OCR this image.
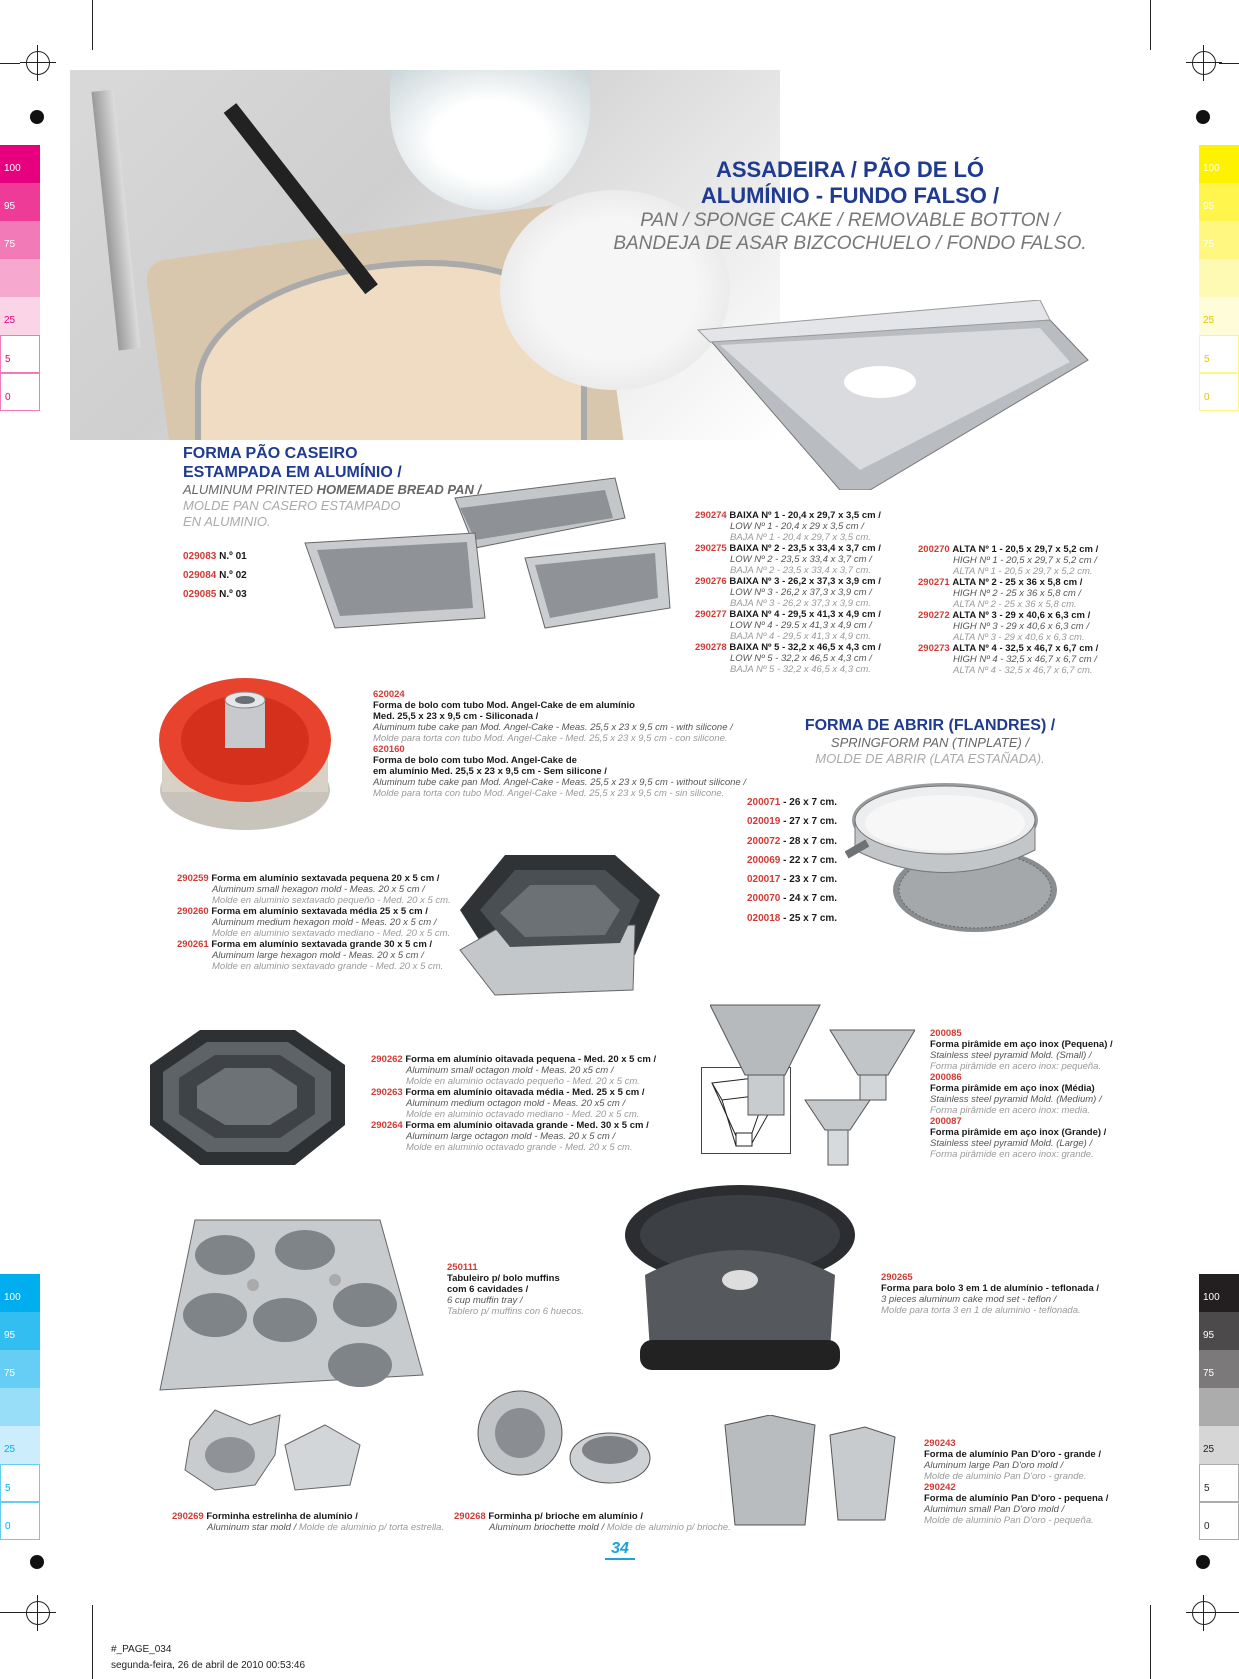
100
95
75
25
5
0
100
95
75
25
5
0
100
95
75
25
5
0
100
95
75
25
5
0
ASSADEIRA / PÃO DE LÓ
ALUMÍNIO - FUNDO FALSO /
PAN / SPONGE CAKE / REMOVABLE BOTTON /
BANDEJA DE ASAR BIZCOCHUELO / FONDO FALSO.
FORMA PÃO CASEIRO
ESTAMPADA EM ALUMÍNIO /
ALUMINUM PRINTED HOMEMADE BREAD PAN /
MOLDE PAN CASERO ESTAMPADO
EN ALUMINIO.
029083 N.º 01
029084 N.º 02
029085 N.º 03
290274 BAIXA Nº 1 - 20,4 x 29,7 x 3,5 cm /
LOW Nº 1 - 20,4 x 29 x 3,5 cm /
BAJA Nº 1 - 20,4 x 29,7 x 3,5 cm.
290275 BAIXA Nº 2 - 23,5 x 33,4 x 3,7 cm /
LOW Nº 2 - 23,5 x 33,4 x 3,7 cm /
BAJA Nº 2 - 23,5 x 33,4 x 3,7 cm.
290276 BAIXA Nº 3 - 26,2 x 37,3 x 3,9 cm /
LOW Nº 3 - 26,2 x 37,3 x 3,9 cm /
BAJA Nº 3 - 26,2 x 37,3 x 3,9 cm.
290277 BAIXA Nº 4 - 29,5 x 41,3 x 4,9 cm /
LOW Nº 4 - 29.5 x 41,3 x 4,9 cm /
BAJA Nº 4 - 29,5 x 41,3 x 4,9 cm.
290278 BAIXA Nº 5 - 32,2 x 46,5 x 4,3 cm /
LOW Nº 5 - 32,2 x 46,5 x 4,3 cm /
BAJA Nº 5 - 32,2 x 46,5 x 4,3 cm.
200270 ALTA Nº 1 - 20,5 x 29,7 x 5,2 cm /
HIGH Nº 1 - 20,5 x 29,7 x 5,2 cm /
ALTA Nº 1 - 20,5 x 29,7 x 5,2 cm.
290271 ALTA Nº 2 - 25 x 36 x 5,8 cm /
HIGH Nº 2 - 25 x 36 x 5,8 cm /
ALTA Nº 2 - 25 x 36 x 5,8 cm.
290272 ALTA Nº 3 - 29 x 40,6 x 6,3 cm /
HIGH Nº 3 - 29 x 40,6 x 6,3 cm /
ALTA Nº 3 - 29 x 40,6 x 6,3 cm.
290273 ALTA Nº 4 - 32,5 x 46,7 x 6,7 cm /
HIGH Nº 4 - 32,5 x 46,7 x 6,7 cm /
ALTA Nº 4 - 32,5 x 46,7 x 6,7 cm.
620024
Forma de bolo com tubo Mod. Angel-Cake de em alumínio
Med. 25,5 x 23 x 9,5 cm - Siliconada /
Aluminum tube cake pan Mod. Angel-Cake - Meas. 25,5 x 23 x 9,5 cm - with silicone /
Molde para torta con tubo Mod. Angel-Cake - Med. 25,5 x 23 x 9,5 cm - con silicone.
620160
Forma de bolo com tubo Mod. Angel-Cake de
em alumínio Med. 25,5 x 23 x 9,5 cm - Sem silicone /
Aluminum tube cake pan Mod. Angel-Cake - Meas. 25,5 x 23 x 9,5 cm - without silicone /
Molde para torta con tubo Mod. Angel-Cake - Med. 25,5 x 23 x 9,5 cm - sin silicone.
FORMA DE ABRIR (FLANDRES) /
SPRINGFORM PAN (TINPLATE) /
MOLDE DE ABRIR (LATA ESTAÑADA).
200071 - 26 x 7 cm.
020019 - 27 x 7 cm.
200072 - 28 x 7 cm.
200069 - 22 x 7 cm.
020017 - 23 x 7 cm.
200070 - 24 x 7 cm.
020018 - 25 x 7 cm.
290259 Forma em alumínio sextavada pequena 20 x 5 cm /
Aluminum small hexagon mold - Meas. 20 x 5 cm /
Molde en aluminio sextavado pequeño - Med. 20 x 5 cm.
290260 Forma em alumínio sextavada média 25 x 5 cm /
Aluminum medium hexagon mold - Meas. 20 x 5 cm /
Molde en aluminio sextavado mediano - Med. 20 x 5 cm.
290261 Forma em alumínio sextavada grande 30 x 5 cm /
Aluminum large hexagon mold - Meas. 20 x 5 cm /
Molde en aluminio sextavado grande - Med. 20 x 5 cm.
290262 Forma em alumínio oitavada pequena - Med. 20 x 5 cm /
Aluminum small octagon mold - Meas. 20 x5 cm /
Molde en aluminio octavado pequeño - Med. 20 x 5 cm.
290263 Forma em alumínio oitavada média - Med. 25 x 5 cm /
Aluminum medium octagon mold - Meas. 20 x5 cm /
Molde en aluminio octavado mediano - Med. 20 x 5 cm.
290264 Forma em alumínio oitavada grande - Med. 30 x 5 cm /
Aluminum large octagon mold - Meas. 20 x 5 cm /
Molde en aluminio octavado grande - Med. 20 x 5 cm.
200085
Forma pirâmide em aço inox (Pequena) /
Stainless steel pyramid Mold. (Small) /
Forma pirâmide en acero inox: pequeña.
200086
Forma pirâmide em aço inox (Média)
Stainless steel pyramid Mold. (Medium) /
Forma pirâmide en acero inox: media.
200087
Forma pirâmide em aço inox (Grande) /
Stainless steel pyramid Mold. (Large) /
Forma pirâmide en acero inox: grande.
250111
Tabuleiro p/ bolo muffins
com 6 cavidades /
6 cup muffin tray /
Tablero p/ muffins con 6 huecos.
290265
Forma para bolo 3 em 1 de alumínio - teflonada /
3 pieces aluminum cake mod set - teflon /
Molde para torta 3 en 1 de aluminio - teflonada.
290243
Forma de alumínio Pan D'oro - grande /
Aluminum large Pan D'oro mold /
Molde de aluminio Pan D'oro - grande.
290242
Forma de alumínio Pan D'oro - pequena /
Alumimun small Pan D'oro mold /
Molde de aluminio Pan D'oro - pequeña.
290269 Forminha estrelinha de alumínio /
Aluminum star mold / Molde de aluminio p/ torta estrella.
290268 Forminha p/ brioche em alumínio /
Aluminum briochette mold / Molde de aluminio p/ brioche.
34
#_PAGE_034
segunda-feira, 26 de abril de 2010 00:53:46
